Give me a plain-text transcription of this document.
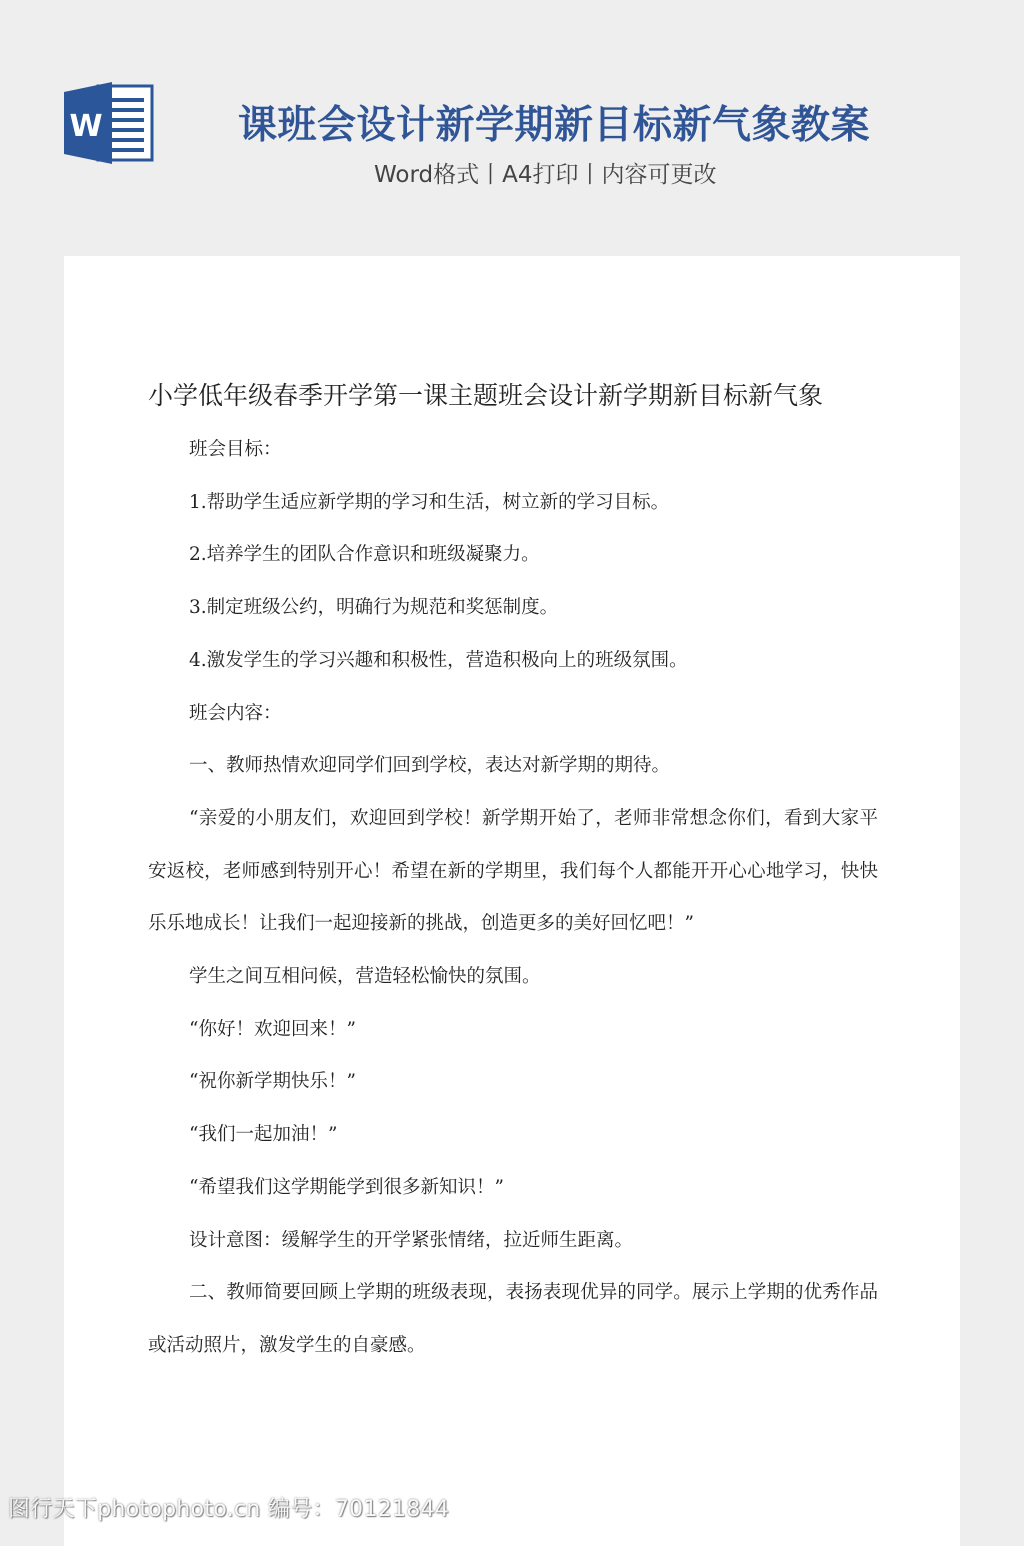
W	课班会设计新学期新目标新气象教案
Word格式丨A4打印丨内容可更改
小学低年级春季开学第一课主题班会设计新学期新目标新气象

班会目标：

1.帮助学生适应新学期的学习和生活，树立新的学习目标。

2.培养学生的团队合作意识和班级凝聚力。

3.制定班级公约，明确行为规范和奖惩制度。

4.激发学生的学习兴趣和积极性，营造积极向上的班级氛围。

班会内容：

一、教师热情欢迎同学们回到学校，表达对新学期的期待。

“亲爱的小朋友们，欢迎回到学校！新学期开始了，老师非常想念你们，看到大家平安返校，老师感到特别开心！希望在新的学期里，我们每个人都能开开心心地学习，快快乐乐地成长！让我们一起迎接新的挑战，创造更多的美好回忆吧！”

学生之间互相问候，营造轻松愉快的氛围。

“你好！欢迎回来！”

“祝你新学期快乐！”

“我们一起加油！”

“希望我们这学期能学到很多新知识！”

设计意图：缓解学生的开学紧张情绪，拉近师生距离。

二、教师简要回顾上学期的班级表现，表扬表现优异的同学。展示上学期的优秀作品或活动照片，激发学生的自豪感。

图行天下photophoto.cn 编号：70121844
